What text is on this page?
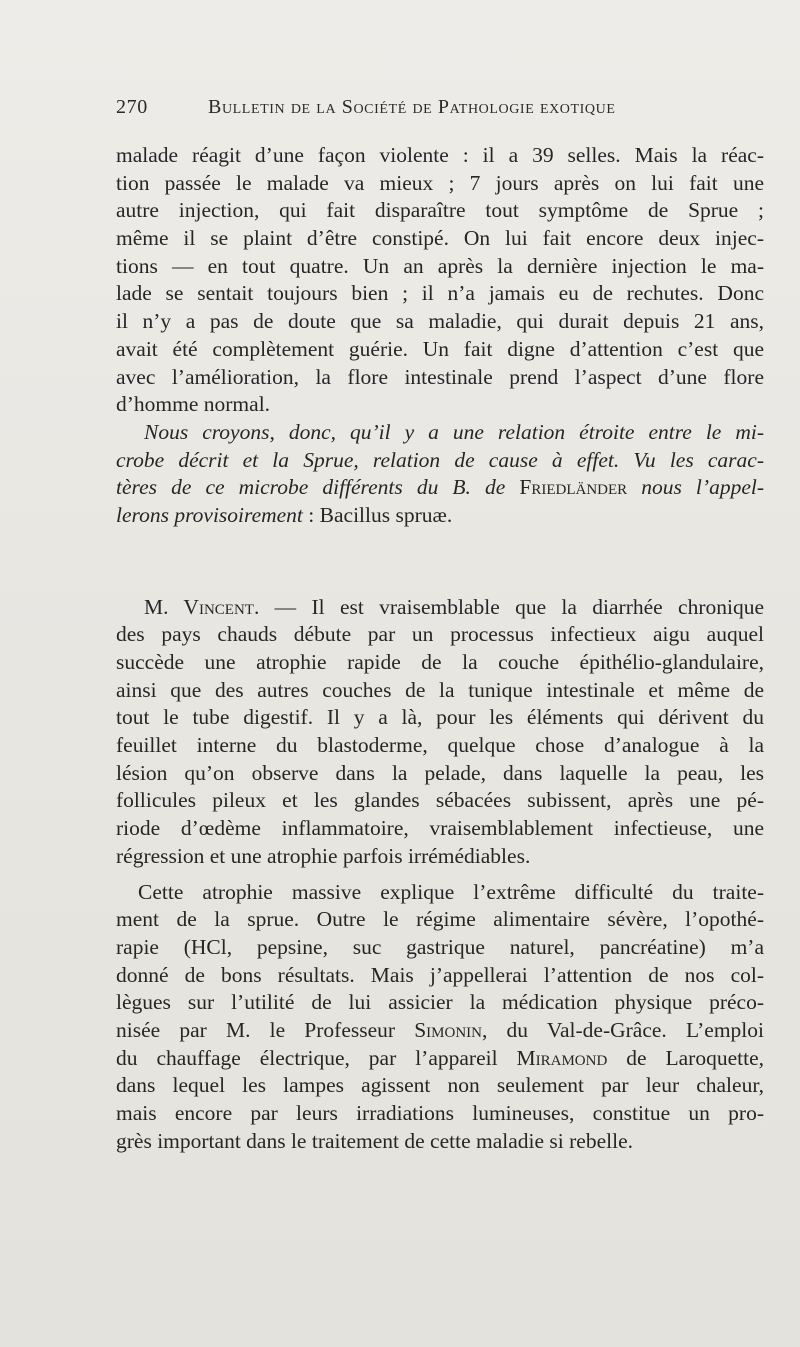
270	Bulletin de la Société de Pathologie exotique
malade réagit d’une façon violente : il a 39 selles. Mais la réac-
tion passée le malade va mieux ; 7 jours après on lui fait une
autre injection, qui fait disparaître tout symptôme de Sprue ;
même il se plaint d’être constipé. On lui fait encore deux injec-
tions — en tout quatre. Un an après la dernière injection le ma-
lade se sentait toujours bien ; il n’a jamais eu de rechutes. Donc
il n’y a pas de doute que sa maladie, qui durait depuis 21 ans,
avait été complètement guérie. Un fait digne d’attention c’est que
avec l’amélioration, la flore intestinale prend l’aspect d’une flore
d’homme normal.
Nous croyons, donc, qu’il y a une relation étroite entre le mi-
crobe décrit et la Sprue, relation de cause à effet. Vu les carac-
tères de ce microbe différents du B. de Friedländer nous l’appel-
lerons provisoirement : Bacillus spruæ.
M. Vincent. — Il est vraisemblable que la diarrhée chronique
des pays chauds débute par un processus infectieux aigu auquel
succède une atrophie rapide de la couche épithélio-glandulaire,
ainsi que des autres couches de la tunique intestinale et même de
tout le tube digestif. Il y a là, pour les éléments qui dérivent du
feuillet interne du blastoderme, quelque chose d’analogue à la
lésion qu’on observe dans la pelade, dans laquelle la peau, les
follicules pileux et les glandes sébacées subissent, après une pé-
riode d’œdème inflammatoire, vraisemblablement infectieuse, une
régression et une atrophie parfois irrémédiables.
Cette atrophie massive explique l’extrême difficulté du traite-
ment de la sprue. Outre le régime alimentaire sévère, l’opothé-
rapie (HCl, pepsine, suc gastrique naturel, pancréatine) m’a
donné de bons résultats. Mais j’appellerai l’attention de nos col-
lègues sur l’utilité de lui assicier la médication physique préco-
nisée par M. le Professeur Simonin, du Val-de-Grâce. L’emploi
du chauffage électrique, par l’appareil Miramond de Laroquette,
dans lequel les lampes agissent non seulement par leur chaleur,
mais encore par leurs irradiations lumineuses, constitue un pro-
grès important dans le traitement de cette maladie si rebelle.
